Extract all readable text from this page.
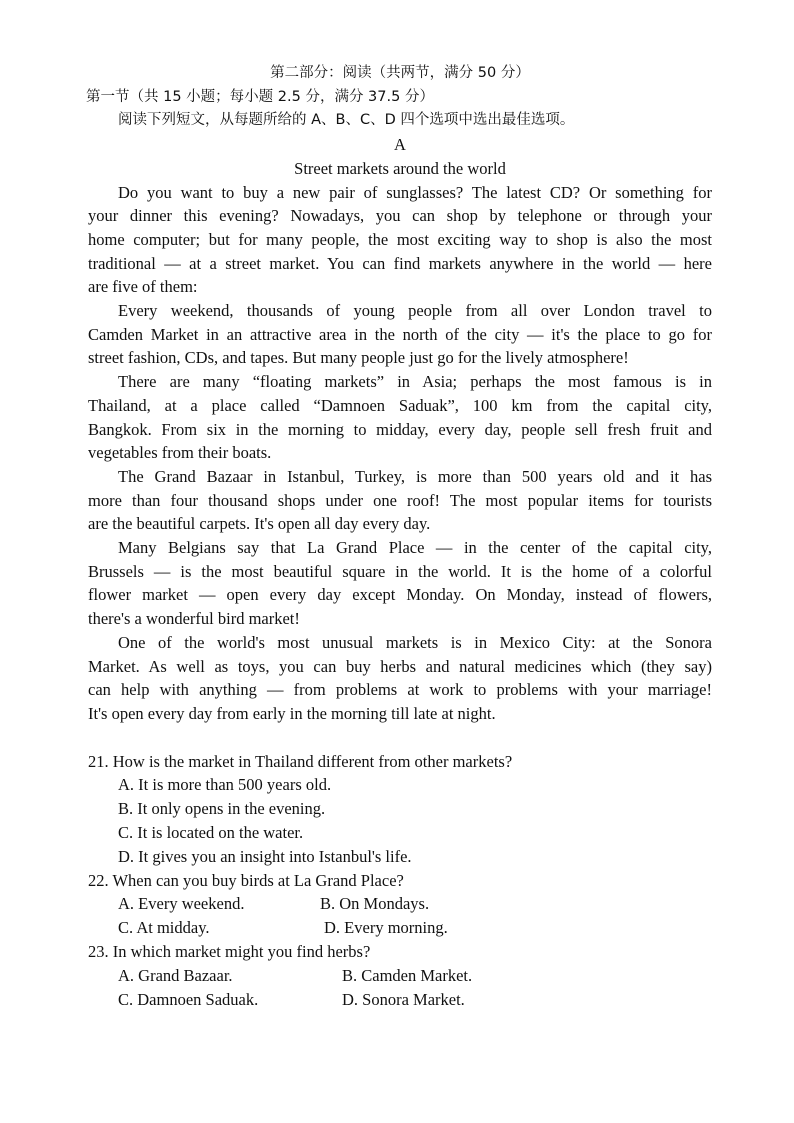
第二部分：阅读（共两节，满分 50 分）
第一节（共 15 小题；每小题 2.5 分，满分 37.5 分）
阅读下列短文，从每题所给的 A、B、C、D 四个选项中选出最佳选项。
A
Street markets around the world
Do you want to buy a new pair of sunglasses? The latest CD? Or something for
your dinner this evening? Nowadays, you can shop by telephone or through your
home computer; but for many people, the most exciting way to shop is also the most
traditional — at a street market. You can find markets anywhere in the world — here
are five of them:
Every weekend, thousands of young people from all over London travel to
Camden Market in an attractive area in the north of the city — it's the place to go for
street fashion, CDs, and tapes. But many people just go for the lively atmosphere!
There are many “floating markets” in Asia; perhaps the most famous is in
Thailand, at a place called “Damnoen Saduak”, 100 km from the capital city,
Bangkok. From six in the morning to midday, every day, people sell fresh fruit and
vegetables from their boats.
The Grand Bazaar in Istanbul, Turkey, is more than 500 years old and it has
more than four thousand shops under one roof! The most popular items for tourists
are the beautiful carpets. It's open all day every day.
Many Belgians say that La Grand Place — in the center of the capital city,
Brussels — is the most beautiful square in the world. It is the home of a colorful
flower market — open every day except Monday. On Monday, instead of flowers,
there's a wonderful bird market!
One of the world's most unusual markets is in Mexico City: at the Sonora
Market. As well as toys, you can buy herbs and natural medicines which (they say)
can help with anything — from problems at work to problems with your marriage!
It's open every day from early in the morning till late at night.
21. How is the market in Thailand different from other markets?
A. It is more than 500 years old.
B. It only opens in the evening.
C. It is located on the water.
D. It gives you an insight into Istanbul's life.
22. When can you buy birds at La Grand Place?
A. Every weekend.	B. On Mondays.
C. At midday.	D. Every morning.
23. In which market might you find herbs?
A. Grand Bazaar.	B. Camden Market.
C. Damnoen Saduak.	D. Sonora Market.
